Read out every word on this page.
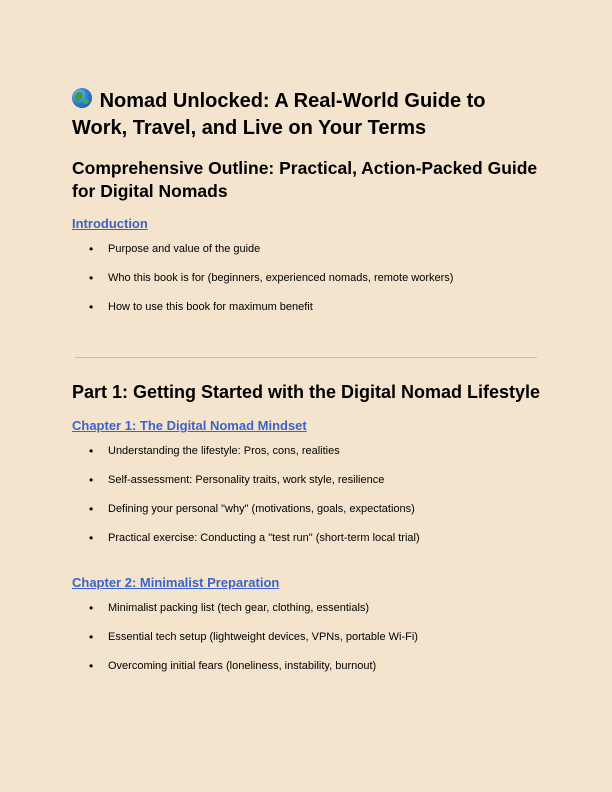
Nomad Unlocked: A Real-World Guide to Work, Travel, and Live on Your Terms
Comprehensive Outline: Practical, Action-Packed Guide for Digital Nomads
Introduction
• Purpose and value of the guide
• Who this book is for (beginners, experienced nomads, remote workers)
• How to use this book for maximum benefit
Part 1: Getting Started with the Digital Nomad Lifestyle
Chapter 1: The Digital Nomad Mindset
• Understanding the lifestyle: Pros, cons, realities
• Self-assessment: Personality traits, work style, resilience
• Defining your personal "why" (motivations, goals, expectations)
• Practical exercise: Conducting a "test run" (short-term local trial)
Chapter 2: Minimalist Preparation
• Minimalist packing list (tech gear, clothing, essentials)
• Essential tech setup (lightweight devices, VPNs, portable Wi-Fi)
• Overcoming initial fears (loneliness, instability, burnout)
